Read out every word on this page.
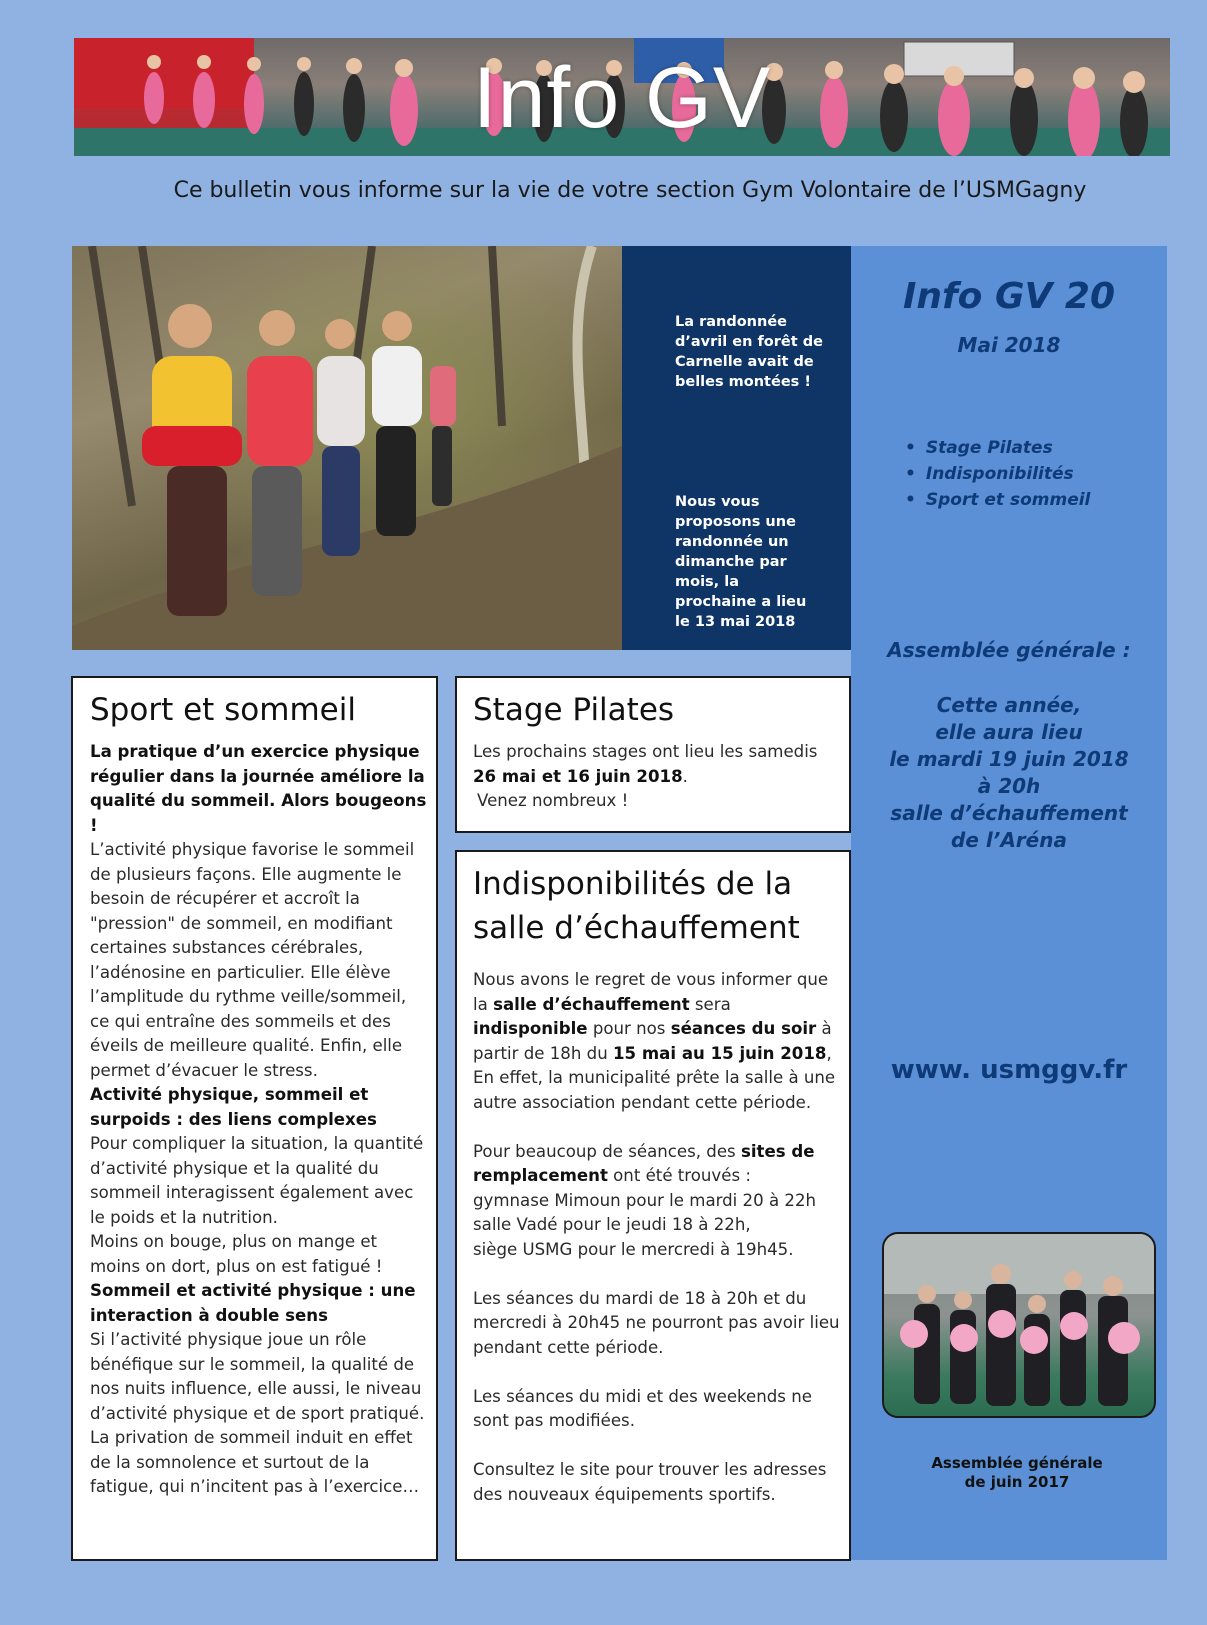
Info GV
Ce bulletin vous informe sur la vie de votre section Gym Volontaire de l’USMGagny
Info GV 20
Mai 2018
• Stage Pilates
• Indisponibilités
• Sport et sommeil
Assemblée générale :
Cette année,
elle aura lieu
le mardi 19 juin 2018
à 20h
salle d’échauffement
de l’Aréna
www. usmggv.fr
Assemblée générale
de juin 2017

La randonnée d’avril en forêt de Carnelle avait de belles montées !

Nous vous proposons une randonnée un dimanche par mois, la prochaine a lieu le 13 mai 2018

Sport et sommeil
La pratique d’un exercice physique régulier dans la journée améliore la qualité du sommeil. Alors bougeons !
L’activité physique favorise le sommeil de plusieurs façons. Elle augmente le besoin de récupérer et accroît la "pression" de sommeil, en modifiant certaines substances cérébrales, l’adénosine en particulier. Elle élève l’amplitude du rythme veille/sommeil, ce qui entraîne des sommeils et des éveils de meilleure qualité. Enfin, elle permet d’évacuer le stress.
Activité physique, sommeil et surpoids : des liens complexes
Pour compliquer la situation, la quantité d’activité physique et la qualité du sommeil interagissent également avec le poids et la nutrition.
Moins on bouge, plus on mange et moins on dort, plus on est fatigué !
Sommeil et activité physique : une interaction à double sens
Si l’activité physique joue un rôle bénéfique sur le sommeil, la qualité de nos nuits influence, elle aussi, le niveau d’activité physique et de sport pratiqué. La privation de sommeil induit en effet de la somnolence et surtout de la fatigue, qui n’incitent pas à l’exercice…
Stage Pilates
Les prochains stages ont lieu les samedis
26 mai et 16 juin 2018.
Venez nombreux !
Indisponibilités de la
salle d’échauffement
Nous avons le regret de vous informer que la salle d’échauffement sera indisponible pour nos séances du soir à partir de 18h du 15 mai au 15 juin 2018, En effet, la municipalité prête la salle à une autre association pendant cette période.
Pour beaucoup de séances, des sites de remplacement ont été trouvés :
gymnase Mimoun pour le mardi 20 à 22h
salle Vadé pour le jeudi 18 à 22h,
siège USMG pour le mercredi à 19h45.
Les séances du mardi de 18 à 20h et du mercredi à 20h45 ne pourront pas avoir lieu pendant cette période.
Les séances du midi et des weekends ne sont pas modifiées.
Consultez le site pour trouver les adresses des nouveaux équipements sportifs.
